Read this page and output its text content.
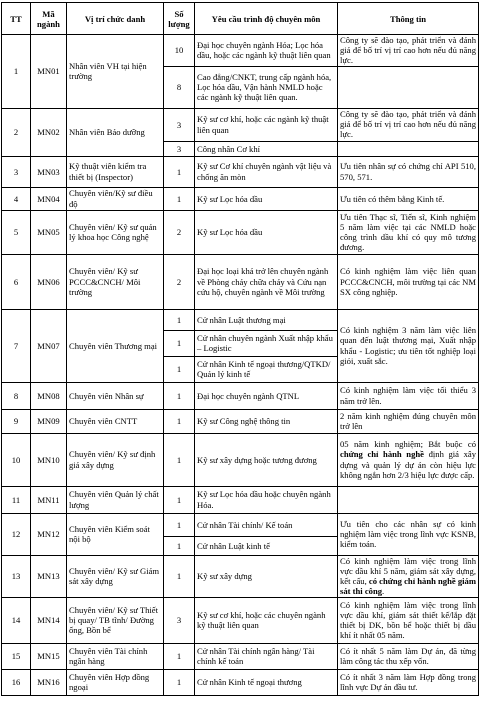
TT	Mã ngành	Vị trí chức danh	Số lượng	Yêu cầu trình độ chuyên môn	Thông tin
1	MN01	Nhân viên VH tại hiện trường	10	Đại học chuyên ngành Hóa; Lọc hóa dầu, hoặc các ngành kỹ thuật liên quan	Công ty sẽ đào tạo, phát triển và đánh giá để bố trí vị trí cao hơn nếu đủ năng lực.
			8	Cao đẳng/CNKT, trung cấp ngành hóa, Lọc hóa dầu, Vận hành NMLD hoặc các ngành kỹ thuật liên quan.	
2	MN02	Nhân viên Bảo dưỡng	3	Kỹ sư cơ khí, hoặc các ngành kỹ thuật liên quan	Công ty sẽ đào tạo, phát triển và đánh giá để bố trí vị trí cao hơn nếu đủ năng lực.
			3	Công nhân Cơ khí	
3	MN03	Kỹ thuật viên kiểm tra thiết bị (Inspector)	1	Kỹ sư Cơ khí chuyên ngành vật liệu và chống ăn mòn	Ưu tiên nhân sự có chứng chỉ API 510, 570, 571.
4	MN04	Chuyên viên/Kỹ sư điều độ	1	Kỹ sư Lọc hóa dầu	Ưu tiên có thêm bằng Kinh tế.
5	MN05	Chuyên viên/ Kỹ sư quản lý khoa học Công nghệ	2	Kỹ sư Lọc hóa dầu	Ưu tiên Thạc sĩ, Tiến sĩ, Kinh nghiệm 5 năm làm việc tại các NMLD hoặc công trình dầu khí có quy mô tương đương.
6	MN06	Chuyên viên/ Kỹ sư PCCC&CNCH/ Môi trường	2	Đại học loại khá trở lên chuyên ngành về Phòng cháy chữa cháy và Cứu nạn cứu hộ, chuyên ngành về Môi trường	Có kinh nghiệm làm việc liên quan PCCC&CNCH, môi trường tại các NM SX công nghiệp.
7	MN07	Chuyên viên Thương mại	1	Cử nhân Luật thương mại	Có kinh nghiệm 3 năm làm việc liên quan đến luật thương mại, Xuất nhập khẩu - Logistic; ưu tiên tốt nghiệp loại giỏi, xuất sắc.
			1	Cử nhân chuyên ngành Xuất nhập khẩu – Logistic	
			1	Cử nhân Kinh tế ngoại thương/QTKD/ Quản lý kinh tế	
8	MN08	Chuyên viên Nhân sự	1	Đại học chuyên ngành QTNL	Có kinh nghiệm làm việc tối thiểu 3 năm trở lên.
9	MN09	Chuyên viên CNTT	1	Kỹ sư Công nghệ thông tin	2 năm kinh nghiệm đúng chuyên môn trở lên
10	MN10	Chuyên viên/ Kỹ sư định giá xây dựng	1	Kỹ sư xây dựng hoặc tương đương	05 năm kinh nghiệm; Bắt buộc có chứng chỉ hành nghề định giá xây dựng và quản lý dự án còn hiệu lực không ngắn hơn 2/3 hiệu lực được cấp.
11	MN11	Chuyên viên Quản lý chất lượng	1	Kỹ sư Lọc hóa dầu hoặc chuyên ngành Hóa.	
12	MN12	Chuyên viên Kiểm soát nội bộ	1	Cử nhân Tài chính/ Kế toán	Ưu tiên cho các nhân sự có kinh nghiệm làm việc trong lĩnh vực KSNB, kiểm toán.
			1	Cử nhân Luật kinh tế	
13	MN13	Chuyên viên/ Kỹ sư Giám sát xây dựng	1	Kỹ sư xây dựng	Có kinh nghiệm làm việc trong lĩnh vực dầu khí 5 năm, giám sát xây dựng, kết cấu, có chứng chỉ hành nghề giám sát thi công.
14	MN14	Chuyên viên/ Kỹ sư Thiết bị quay/ TB tĩnh/ Đường ống, Bồn bể	3	Kỹ sư cơ khí, hoặc các chuyên ngành kỹ thuật liên quan	Có kinh nghiệm làm việc trong lĩnh vực dầu khí, giám sát thiết kế/lắp đặt thiết bị DK, bồn bể hoặc thiết bị dầu khí ít nhất 05 năm.
15	MN15	Chuyên viên Tài chính ngân hàng	1	Cử nhân Tài chính ngân hàng/ Tài chính kế toán	Có ít nhất 5 năm làm Dự án, đã từng làm công tác thu xếp vốn.
16	MN16	Chuyên viên Hợp đồng ngoại	1	Cử nhân Kinh tế ngoại thương	Có ít nhất 3 năm làm Hợp đồng trong lĩnh vực Dự án đầu tư.
